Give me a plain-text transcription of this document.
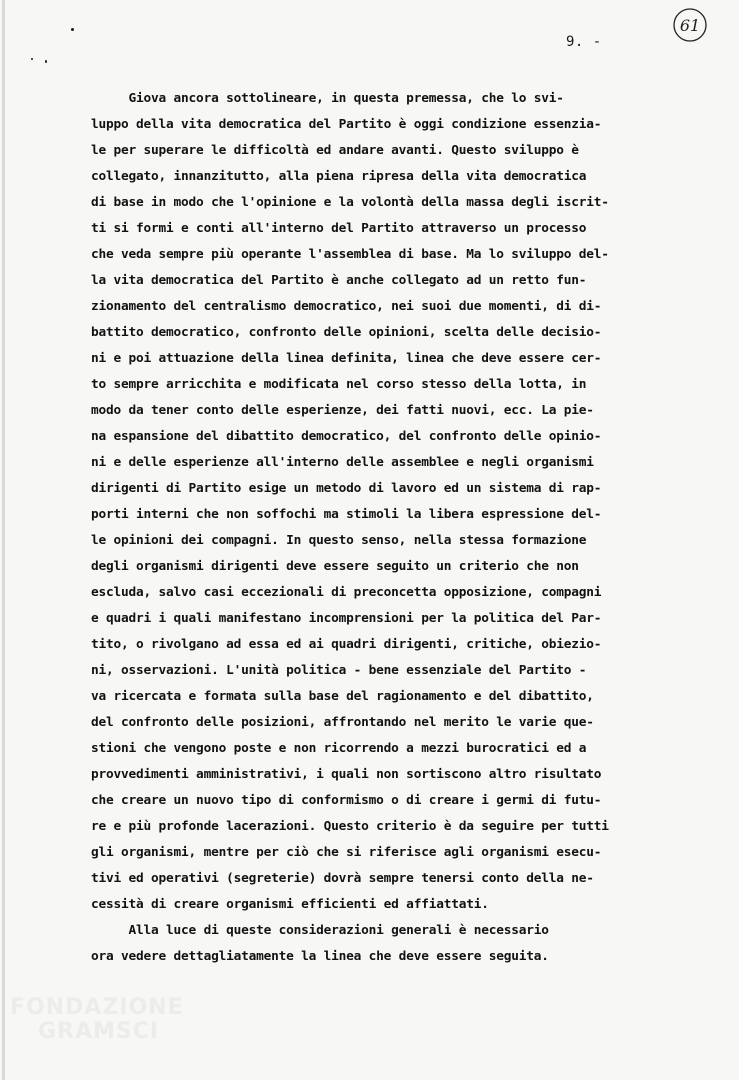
9. -
61
Giova ancora sottolineare, in questa premessa, che lo svi-
luppo della vita democratica del Partito è oggi condizione essenzia-
le per superare le difficoltà ed andare avanti. Questo sviluppo è
collegato, innanzitutto, alla piena ripresa della vita democratica
di base in modo che l'opinione e la volontà della massa degli iscrit-
ti si formi e conti all'interno del Partito attraverso un processo
che veda sempre più operante l'assemblea di base. Ma lo sviluppo del-
la vita democratica del Partito è anche collegato ad un retto fun-
zionamento del centralismo democratico, nei suoi due momenti, di di-
battito democratico, confronto delle opinioni, scelta delle decisio-
ni e poi attuazione della linea definita, linea che deve essere cer-
to sempre arricchita e modificata nel corso stesso della lotta, in
modo da tener conto delle esperienze, dei fatti nuovi, ecc. La pie-
na espansione del dibattito democratico, del confronto delle opinio-
ni e delle esperienze all'interno delle assemblee e negli organismi
dirigenti di Partito esige un metodo di lavoro ed un sistema di rap-
porti interni che non soffochi ma stimoli la libera espressione del-
le opinioni dei compagni. In questo senso, nella stessa formazione
degli organismi dirigenti deve essere seguito un criterio che non
escluda, salvo casi eccezionali di preconcetta opposizione, compagni
e quadri i quali manifestano incomprensioni per la politica del Par-
tito, o rivolgano ad essa ed ai quadri dirigenti, critiche, obiezio-
ni, osservazioni. L'unità politica - bene essenziale del Partito -
va ricercata e formata sulla base del ragionamento e del dibattito,
del confronto delle posizioni, affrontando nel merito le varie que-
stioni che vengono poste e non ricorrendo a mezzi burocratici ed a
provvedimenti amministrativi, i quali non sortiscono altro risultato
che creare un nuovo tipo di conformismo o di creare i germi di futu-
re e più profonde lacerazioni. Questo criterio è da seguire per tutti
gli organismi, mentre per ciò che si riferisce agli organismi esecu-
tivi ed operativi (segreterie) dovrà sempre tenersi conto della ne-
cessità di creare organismi efficienti ed affiattati.
Alla luce di queste considerazioni generali è necessario
ora vedere dettagliatamente la linea che deve essere seguita.
FONDAZIONE
GRAMSCI
